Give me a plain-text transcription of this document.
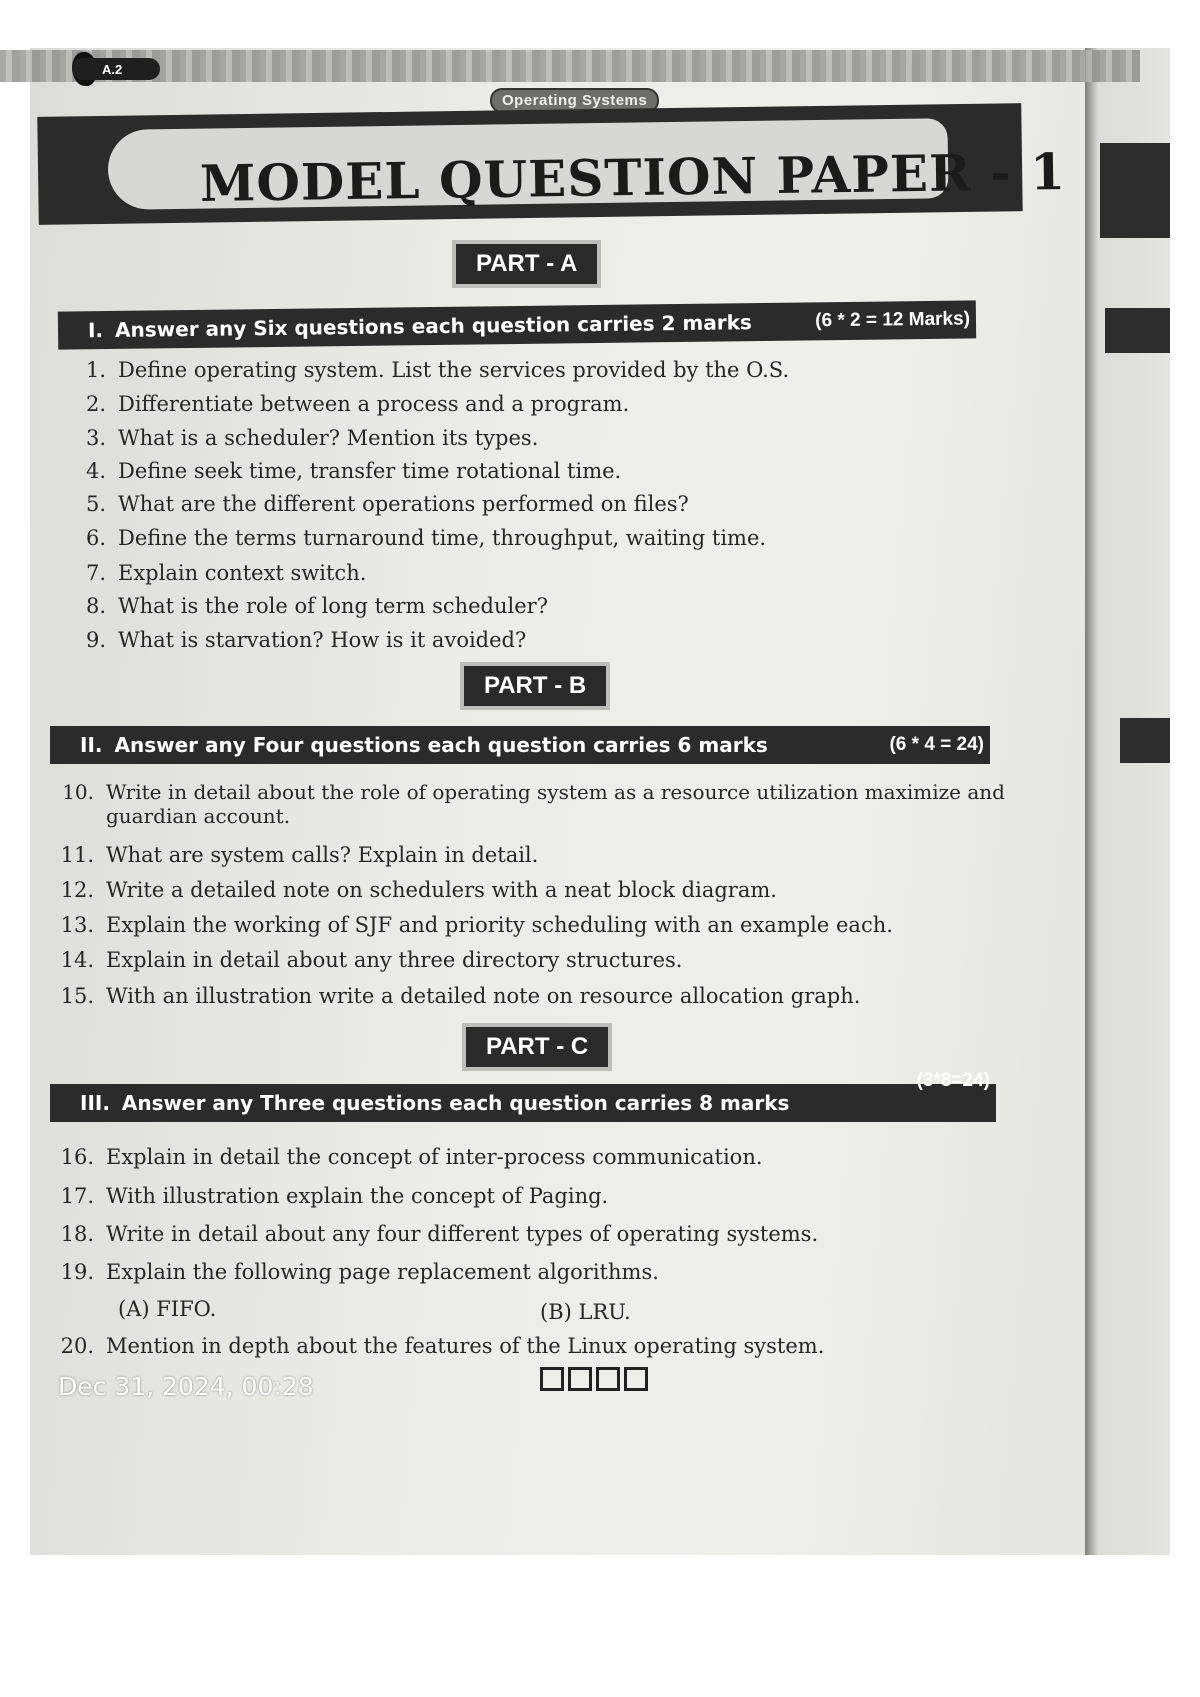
A.2
Operating Systems
MODEL QUESTION PAPER - 1
PART - A
I. Answer any Six questions each question carries 2 marks	(6 * 2 = 12 Marks)
1. Define operating system. List the services provided by the O.S.
2. Differentiate between a process and a program.
3. What is a scheduler? Mention its types.
4. Define seek time, transfer time rotational time.
5. What are the different operations performed on files?
6. Define the terms turnaround time, throughput, waiting time.
7. Explain context switch.
8. What is the role of long term scheduler?
9. What is starvation? How is it avoided?
PART - B
II. Answer any Four questions each question carries 6 marks	(6 * 4 = 24)
10. Write in detail about the role of operating system as a resource utilization maximize and
guardian account.
11. What are system calls? Explain in detail.
12. Write a detailed note on schedulers with a neat block diagram.
13. Explain the working of SJF and priority scheduling with an example each.
14. Explain in detail about any three directory structures.
15. With an illustration write a detailed note on resource allocation graph.
PART - C
III. Answer any Three questions each question carries 8 marks
(3*8=24)
16. Explain in detail the concept of inter-process communication.
17. With illustration explain the concept of Paging.
18. Write in detail about any four different types of operating systems.
19. Explain the following page replacement algorithms.
(A) FIFO.	(B) LRU.
20. Mention in depth about the features of the Linux operating system.
Dec 31, 2024, 00:28
